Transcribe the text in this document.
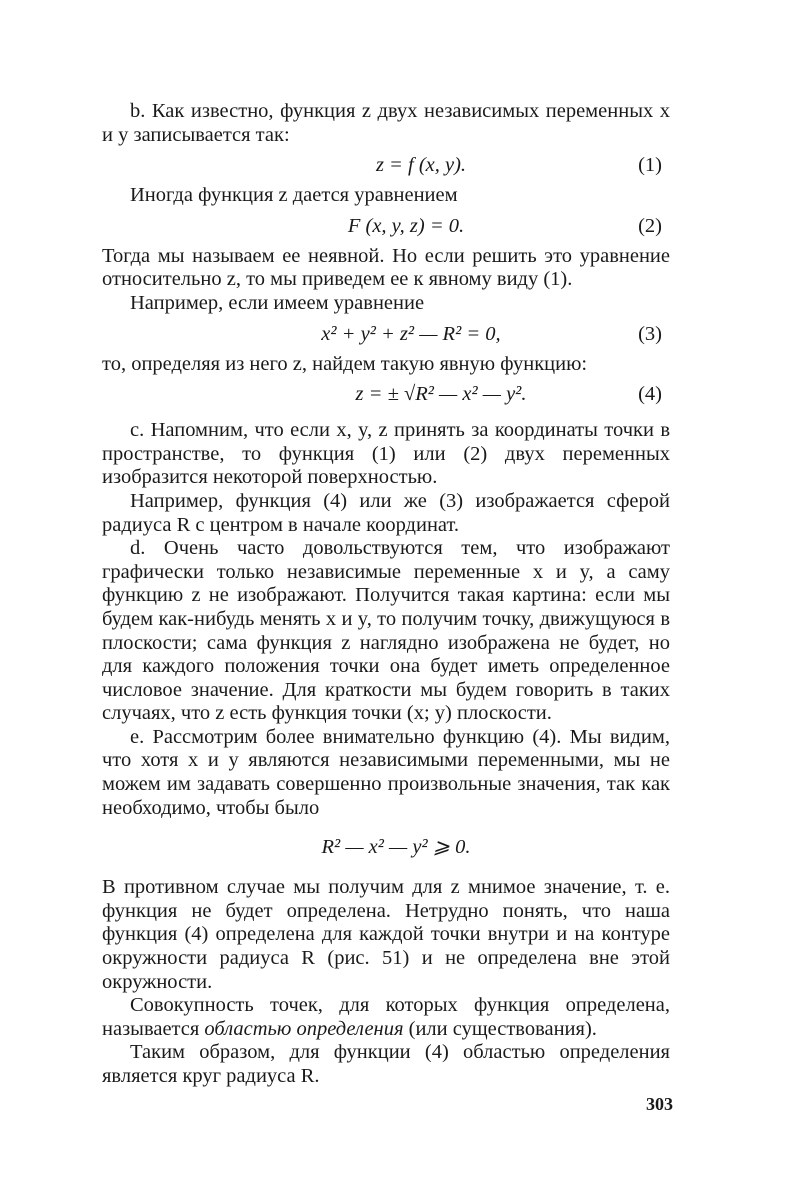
b. Как известно, функция z двух независимых переменных x и y записывается так:

z = f (x, y).	(1)

Иногда функция z дается уравнением

F (x, y, z) = 0.	(2)

Тогда мы называем ее неявной. Но если решить это уравнение относительно z, то мы приведем ее к явному виду (1).

Например, если имеем уравнение

x² + y² + z² — R² = 0,	(3)

то, определяя из него z, найдем такую явную функцию:

z = ± √R² — x² — y².	(4)

c. Напомним, что если x, y, z принять за координаты точки в пространстве, то функция (1) или (2) двух переменных изобразится некоторой поверхностью.

Например, функция (4) или же (3) изображается сферой радиуса R с центром в начале координат.

d. Очень часто довольствуются тем, что изображают графически только независимые переменные x и y, а саму функцию z не изображают. Получится такая картина: если мы будем как-нибудь менять x и y, то получим точку, движущуюся в плоскости; сама функция z наглядно изображена не будет, но для каждого положения точки она будет иметь определенное числовое значение. Для краткости мы будем говорить в таких случаях, что z есть функция точки (x; y) плоскости.

e. Рассмотрим более внимательно функцию (4). Мы видим, что хотя x и y являются независимыми переменными, мы не можем им задавать совершенно произвольные значения, так как необходимо, чтобы было

R² — x² — y² ⩾ 0.

В противном случае мы получим для z мнимое значение, т. е. функция не будет определена. Нетрудно понять, что наша функция (4) определена для каждой точки внутри и на контуре окружности радиуса R (рис. 51) и не определена вне этой окружности.

Совокупность точек, для которых функция определена, называется областью определения (или существования).

Таким образом, для функции (4) областью определения является круг радиуса R.

303
